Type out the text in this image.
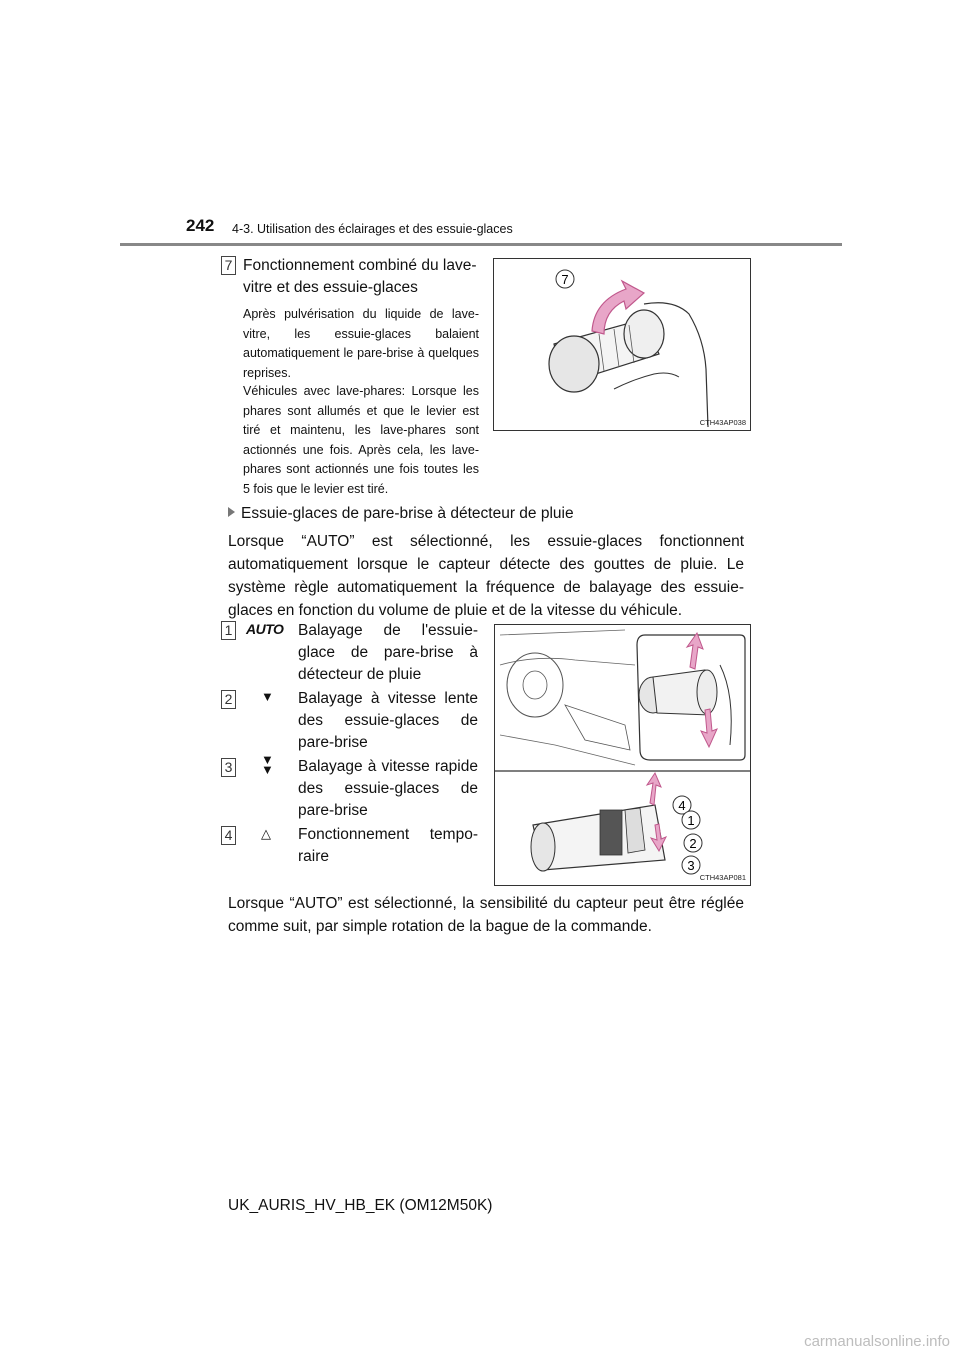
242 4-3. Utilisation des éclairages et des essuie-glaces
7 Fonctionnement combiné du lave-vitre et des essuie-glaces
Après pulvérisation du liquide de lave-vitre, les essuie-glaces balaient automatiquement le pare-brise à quelques reprises.
Véhicules avec lave-phares: Lorsque les phares sont allumés et que le levier est tiré et maintenu, les lave-phares sont actionnés une fois. Après cela, les lave-phares sont actionnés une fois toutes les 5 fois que le levier est tiré.
7
CTH43AP038
Essuie-glaces de pare-brise à détecteur de pluie
Lorsque “AUTO” est sélectionné, les essuie-glaces fonctionnent automatiquement lorsque le capteur détecte des gouttes de pluie. Le système règle automatiquement la fréquence de balayage des essuie-glaces en fonction du volume de pluie et de la vitesse du véhicule.
1 AUTO Balayage de l'essuie-glace de pare-brise à détecteur de pluie
2 ▼ Balayage à vitesse lente des essuie-glaces de pare-brise
3 ▼▼ Balayage à vitesse rapide des essuie-glaces de pare-brise
4 △ Fonctionnement tempo-raire
4
1
2
3
CTH43AP081
Lorsque “AUTO” est sélectionné, la sensibilité du capteur peut être réglée comme suit, par simple rotation de la bague de la commande.
UK_AURIS_HV_HB_EK (OM12M50K)
carmanualsonline.info
